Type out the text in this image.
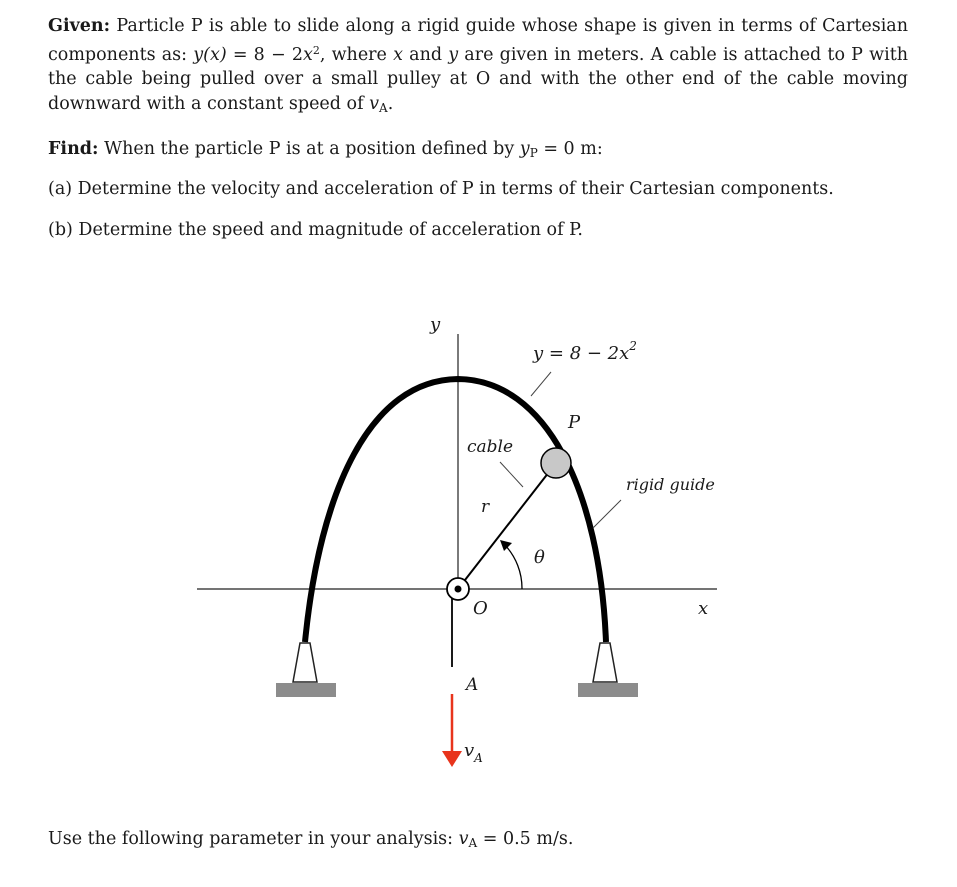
Given: Particle P is able to slide along a rigid guide whose shape is given in terms of Cartesian components as: $y(x) = 8 - 2x^2$, where x and y are given in meters. A cable is attached to P with the cable being pulled over a small pulley at O and with the other end of the cable moving downward with a constant speed of $v_A$.
Find: When the particle P is at a position defined by $y_P = 0$ m:
(a) Determine the velocity and acceleration of P in terms of their Cartesian components.
(b) Determine the speed and magnitude of acceleration of P.
y
x
$y = 8 - 2x^2$
cable
r
θ
P
rigid guide
O
A
$v_A$
Use the following parameter in your analysis: $v_A = 0.5$ m/s.
